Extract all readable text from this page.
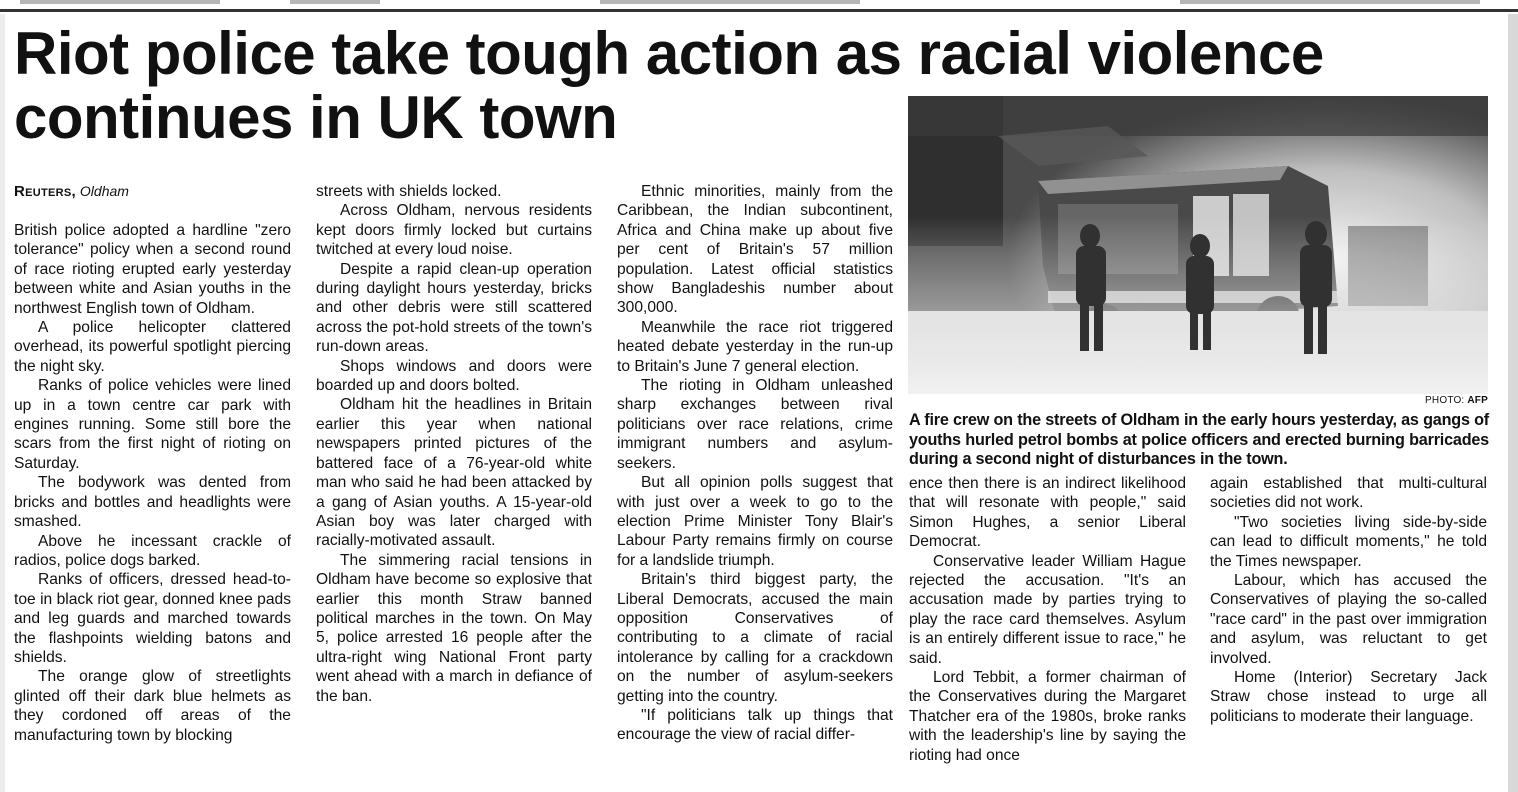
Riot police take tough action as racial violence continues in UK town
Reuters, Oldham

British police adopted a hardline "zero tolerance" policy when a second round of race rioting erupted early yesterday between white and Asian youths in the northwest English town of Oldham.

A police helicopter clattered overhead, its powerful spotlight piercing the night sky.

Ranks of police vehicles were lined up in a town centre car park with engines running. Some still bore the scars from the first night of rioting on Saturday.

The bodywork was dented from bricks and bottles and headlights were smashed.

Above he incessant crackle of radios, police dogs barked.

Ranks of officers, dressed head-to-toe in black riot gear, donned knee pads and leg guards and marched towards the flashpoints wielding batons and shields.

The orange glow of streetlights glinted off their dark blue helmets as they cordoned off areas of the manufacturing town by blocking

streets with shields locked.

Across Oldham, nervous residents kept doors firmly locked but curtains twitched at every loud noise.

Despite a rapid clean-up operation during daylight hours yesterday, bricks and other debris were still scattered across the pot-hold streets of the town's run-down areas.

Shops windows and doors were boarded up and doors bolted.

Oldham hit the headlines in Britain earlier this year when national newspapers printed pictures of the battered face of a 76-year-old white man who said he had been attacked by a gang of Asian youths. A 15-year-old Asian boy was later charged with racially-motivated assault.

The simmering racial tensions in Oldham have become so explosive that earlier this month Straw banned political marches in the town. On May 5, police arrested 16 people after the ultra-right wing National Front party went ahead with a march in defiance of the ban.

Ethnic minorities, mainly from the Caribbean, the Indian subcontinent, Africa and China make up about five per cent of Britain's 57 million population. Latest official statistics show Bangladeshis number about 300,000.

Meanwhile the race riot triggered heated debate yesterday in the run-up to Britain's June 7 general election.

The rioting in Oldham unleashed sharp exchanges between rival politicians over race relations, crime immigrant numbers and asylum-seekers.

But all opinion polls suggest that with just over a week to go to the election Prime Minister Tony Blair's Labour Party remains firmly on course for a landslide triumph.

Britain's third biggest party, the Liberal Democrats, accused the main opposition Conservatives of contributing to a climate of racial intolerance by calling for a crackdown on the number of asylum-seekers getting into the country.

"If politicians talk up things that encourage the view of racial differ-

PHOTO: AFP

A fire crew on the streets of Oldham in the early hours yesterday, as gangs of youths hurled petrol bombs at police officers and erected burning barricades during a second night of disturbances in the town.

ence then there is an indirect likelihood that will resonate with people," said Simon Hughes, a senior Liberal Democrat.

Conservative leader William Hague rejected the accusation. "It's an accusation made by parties trying to play the race card themselves. Asylum is an entirely different issue to race," he said.

Lord Tebbit, a former chairman of the Conservatives during the Margaret Thatcher era of the 1980s, broke ranks with the leadership's line by saying the rioting had once

again established that multi-cultural societies did not work.

"Two societies living side-by-side can lead to difficult moments," he told the Times newspaper.

Labour, which has accused the Conservatives of playing the so-called "race card" in the past over immigration and asylum, was reluctant to get involved.

Home (Interior) Secretary Jack Straw chose instead to urge all politicians to moderate their language.
